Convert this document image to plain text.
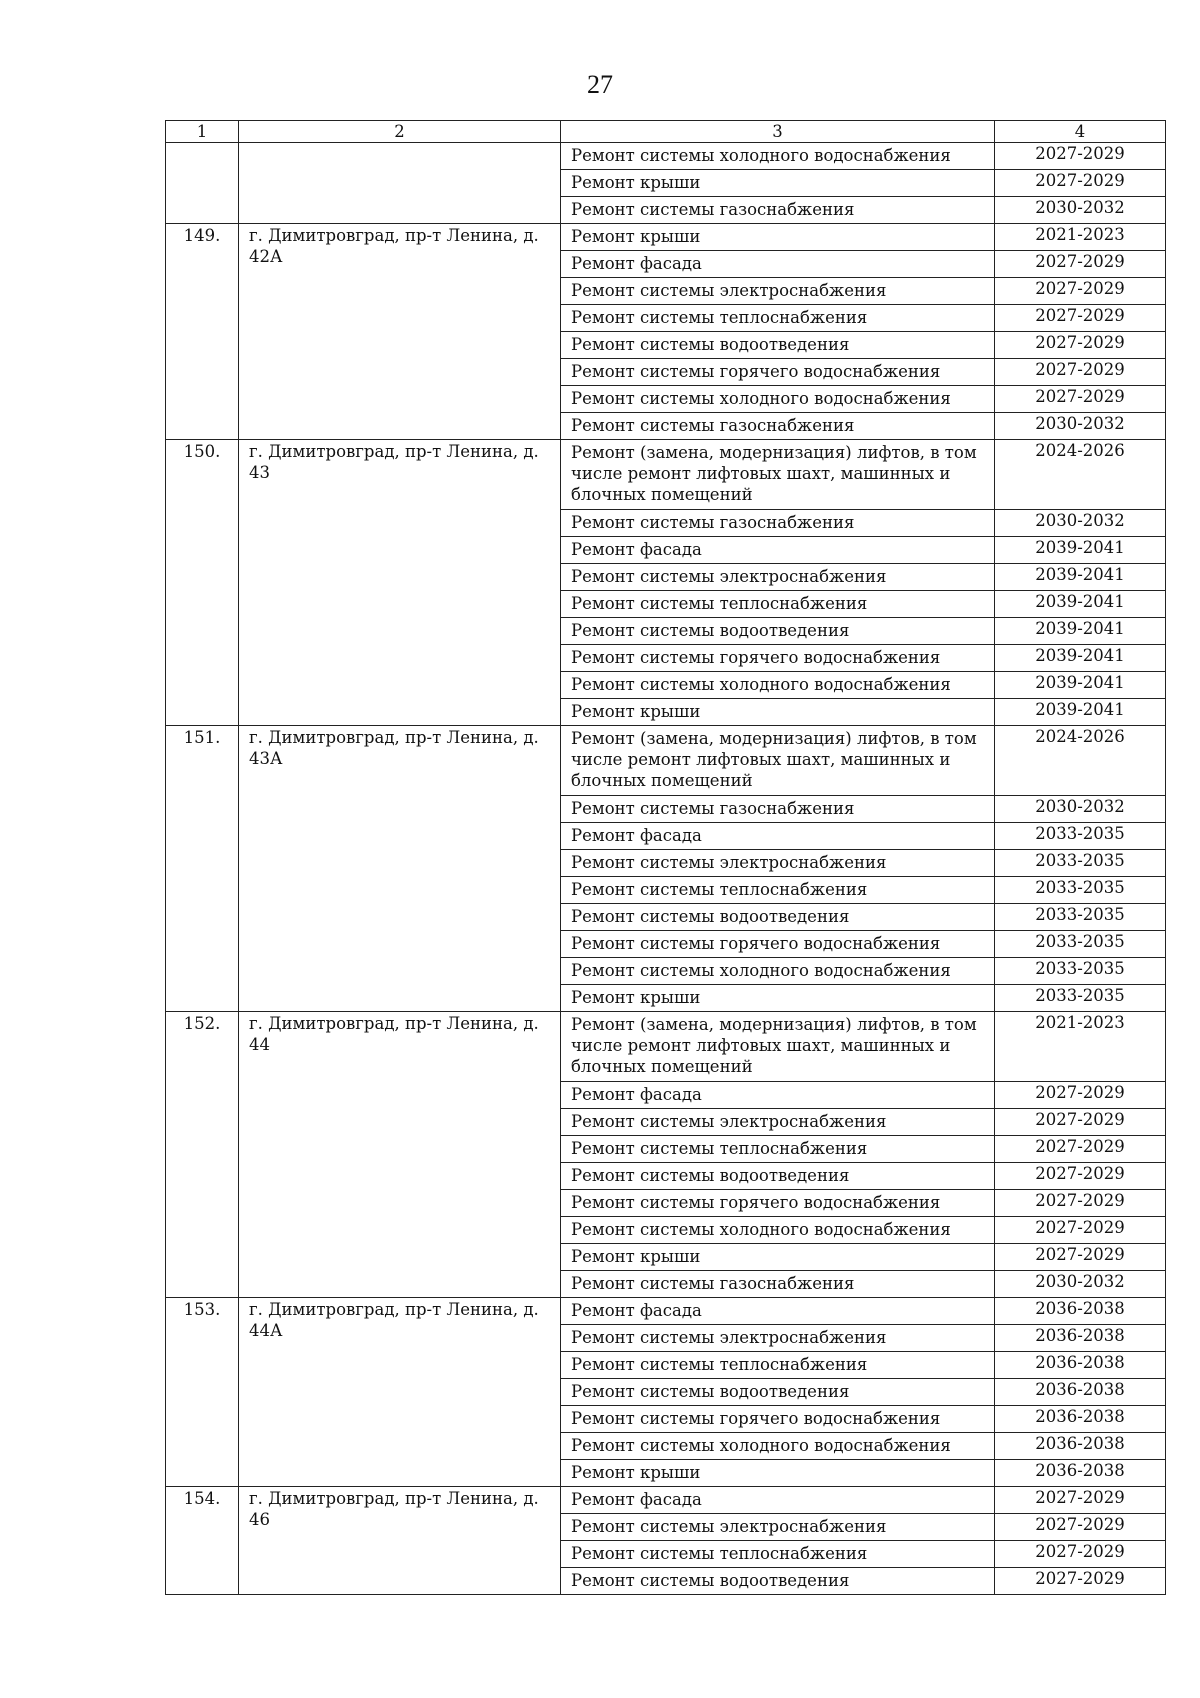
27
1	2	3	4
		Ремонт системы холодного водоснабжения	2027-2029
		Ремонт крыши	2027-2029
		Ремонт системы газоснабжения	2030-2032
149.	г. Димитровград, пр-т Ленина, д. 42А	Ремонт крыши	2021-2023
		Ремонт фасада	2027-2029
		Ремонт системы электроснабжения	2027-2029
		Ремонт системы теплоснабжения	2027-2029
		Ремонт системы водоотведения	2027-2029
		Ремонт системы горячего водоснабжения	2027-2029
		Ремонт системы холодного водоснабжения	2027-2029
		Ремонт системы газоснабжения	2030-2032
150.	г. Димитровград, пр-т Ленина, д. 43	Ремонт (замена, модернизация) лифтов, в том числе ремонт лифтовых шахт, машинных и блочных помещений	2024-2026
		Ремонт системы газоснабжения	2030-2032
		Ремонт фасада	2039-2041
		Ремонт системы электроснабжения	2039-2041
		Ремонт системы теплоснабжения	2039-2041
		Ремонт системы водоотведения	2039-2041
		Ремонт системы горячего водоснабжения	2039-2041
		Ремонт системы холодного водоснабжения	2039-2041
		Ремонт крыши	2039-2041
151.	г. Димитровград, пр-т Ленина, д. 43А	Ремонт (замена, модернизация) лифтов, в том числе ремонт лифтовых шахт, машинных и блочных помещений	2024-2026
		Ремонт системы газоснабжения	2030-2032
		Ремонт фасада	2033-2035
		Ремонт системы электроснабжения	2033-2035
		Ремонт системы теплоснабжения	2033-2035
		Ремонт системы водоотведения	2033-2035
		Ремонт системы горячего водоснабжения	2033-2035
		Ремонт системы холодного водоснабжения	2033-2035
		Ремонт крыши	2033-2035
152.	г. Димитровград, пр-т Ленина, д. 44	Ремонт (замена, модернизация) лифтов, в том числе ремонт лифтовых шахт, машинных и блочных помещений	2021-2023
		Ремонт фасада	2027-2029
		Ремонт системы электроснабжения	2027-2029
		Ремонт системы теплоснабжения	2027-2029
		Ремонт системы водоотведения	2027-2029
		Ремонт системы горячего водоснабжения	2027-2029
		Ремонт системы холодного водоснабжения	2027-2029
		Ремонт крыши	2027-2029
		Ремонт системы газоснабжения	2030-2032
153.	г. Димитровград, пр-т Ленина, д. 44А	Ремонт фасада	2036-2038
		Ремонт системы электроснабжения	2036-2038
		Ремонт системы теплоснабжения	2036-2038
		Ремонт системы водоотведения	2036-2038
		Ремонт системы горячего водоснабжения	2036-2038
		Ремонт системы холодного водоснабжения	2036-2038
		Ремонт крыши	2036-2038
154.	г. Димитровград, пр-т Ленина, д. 46	Ремонт фасада	2027-2029
		Ремонт системы электроснабжения	2027-2029
		Ремонт системы теплоснабжения	2027-2029
		Ремонт системы водоотведения	2027-2029
